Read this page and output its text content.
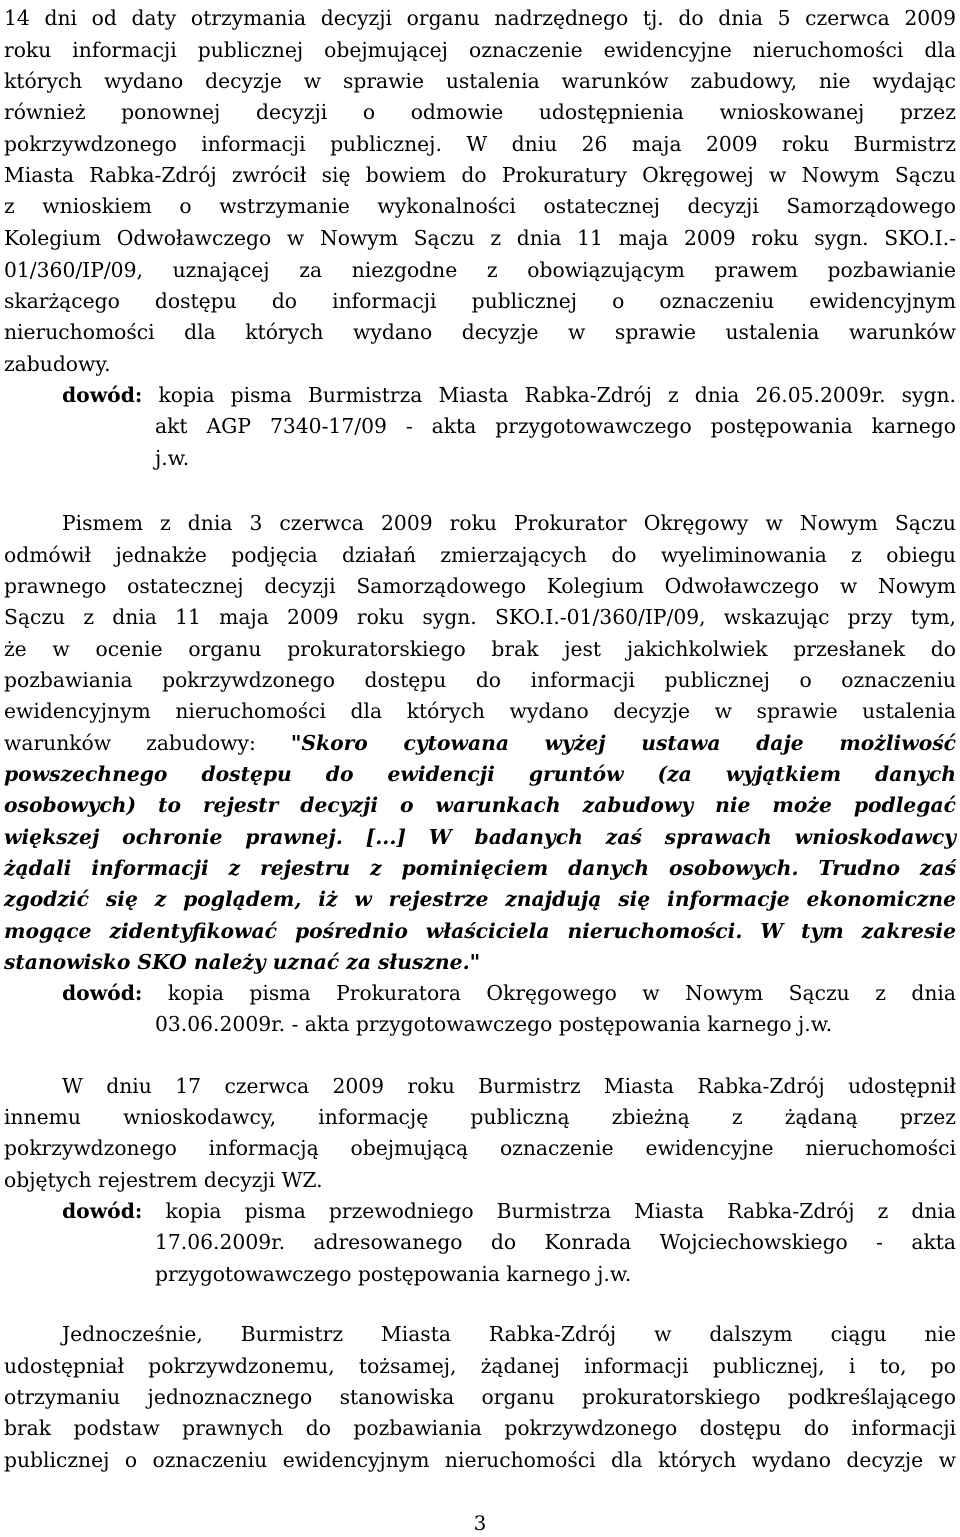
14 dni od daty otrzymania decyzji organu nadrzędnego tj. do dnia 5 czerwca 2009
roku informacji publicznej obejmującej oznaczenie ewidencyjne nieruchomości dla
których wydano decyzje w sprawie ustalenia warunków zabudowy, nie wydając
również ponownej decyzji o odmowie udostępnienia wnioskowanej przez
pokrzywdzonego informacji publicznej. W dniu 26 maja 2009 roku Burmistrz
Miasta Rabka-Zdrój zwrócił się bowiem do Prokuratury Okręgowej w Nowym Sączu
z wnioskiem o wstrzymanie wykonalności ostatecznej decyzji Samorządowego
Kolegium Odwoławczego w Nowym Sączu z dnia 11 maja 2009 roku sygn. SKO.I.-
01/360/IP/09, uznającej za niezgodne z obowiązującym prawem pozbawianie
skarżącego dostępu do informacji publicznej o oznaczeniu ewidencyjnym
nieruchomości dla których wydano decyzje w sprawie ustalenia warunków
zabudowy.
dowód: kopia pisma Burmistrza Miasta Rabka-Zdrój z dnia 26.05.2009r. sygn.
akt AGP 7340-17/09 - akta przygotowawczego postępowania karnego
j.w.
Pismem z dnia 3 czerwca 2009 roku Prokurator Okręgowy w Nowym Sączu
odmówił jednakże podjęcia działań zmierzających do wyeliminowania z obiegu
prawnego ostatecznej decyzji Samorządowego Kolegium Odwoławczego w Nowym
Sączu z dnia 11 maja 2009 roku sygn. SKO.I.-01/360/IP/09, wskazując przy tym,
że w ocenie organu prokuratorskiego brak jest jakichkolwiek przesłanek do
pozbawiania pokrzywdzonego dostępu do informacji publicznej o oznaczeniu
ewidencyjnym nieruchomości dla których wydano decyzje w sprawie ustalenia
warunków zabudowy: "Skoro cytowana wyżej ustawa daje możliwość
powszechnego dostępu do ewidencji gruntów (za wyjątkiem danych
osobowych) to rejestr decyzji o warunkach zabudowy nie może podlegać
większej ochronie prawnej. [...] W badanych zaś sprawach wnioskodawcy
żądali informacji z rejestru z pominięciem danych osobowych. Trudno zaś
zgodzić się z poglądem, iż w rejestrze znajdują się informacje ekonomiczne
mogące zidentyfikować pośrednio właściciela nieruchomości. W tym zakresie
stanowisko SKO należy uznać za słuszne."
dowód: kopia pisma Prokuratora Okręgowego w Nowym Sączu z dnia
03.06.2009r. - akta przygotowawczego postępowania karnego j.w.
W dniu 17 czerwca 2009 roku Burmistrz Miasta Rabka-Zdrój udostępnił
innemu wnioskodawcy, informację publiczną zbieżną z żądaną przez
pokrzywdzonego informacją obejmującą oznaczenie ewidencyjne nieruchomości
objętych rejestrem decyzji WZ.
dowód: kopia pisma przewodniego Burmistrza Miasta Rabka-Zdrój z dnia
17.06.2009r. adresowanego do Konrada Wojciechowskiego - akta
przygotowawczego postępowania karnego j.w.
Jednocześnie, Burmistrz Miasta Rabka-Zdrój w dalszym ciągu nie
udostępniał pokrzywdzonemu, tożsamej, żądanej informacji publicznej, i to, po
otrzymaniu jednoznacznego stanowiska organu prokuratorskiego podkreślającego
brak podstaw prawnych do pozbawiania pokrzywdzonego dostępu do informacji
publicznej o oznaczeniu ewidencyjnym nieruchomości dla których wydano decyzje w
3
